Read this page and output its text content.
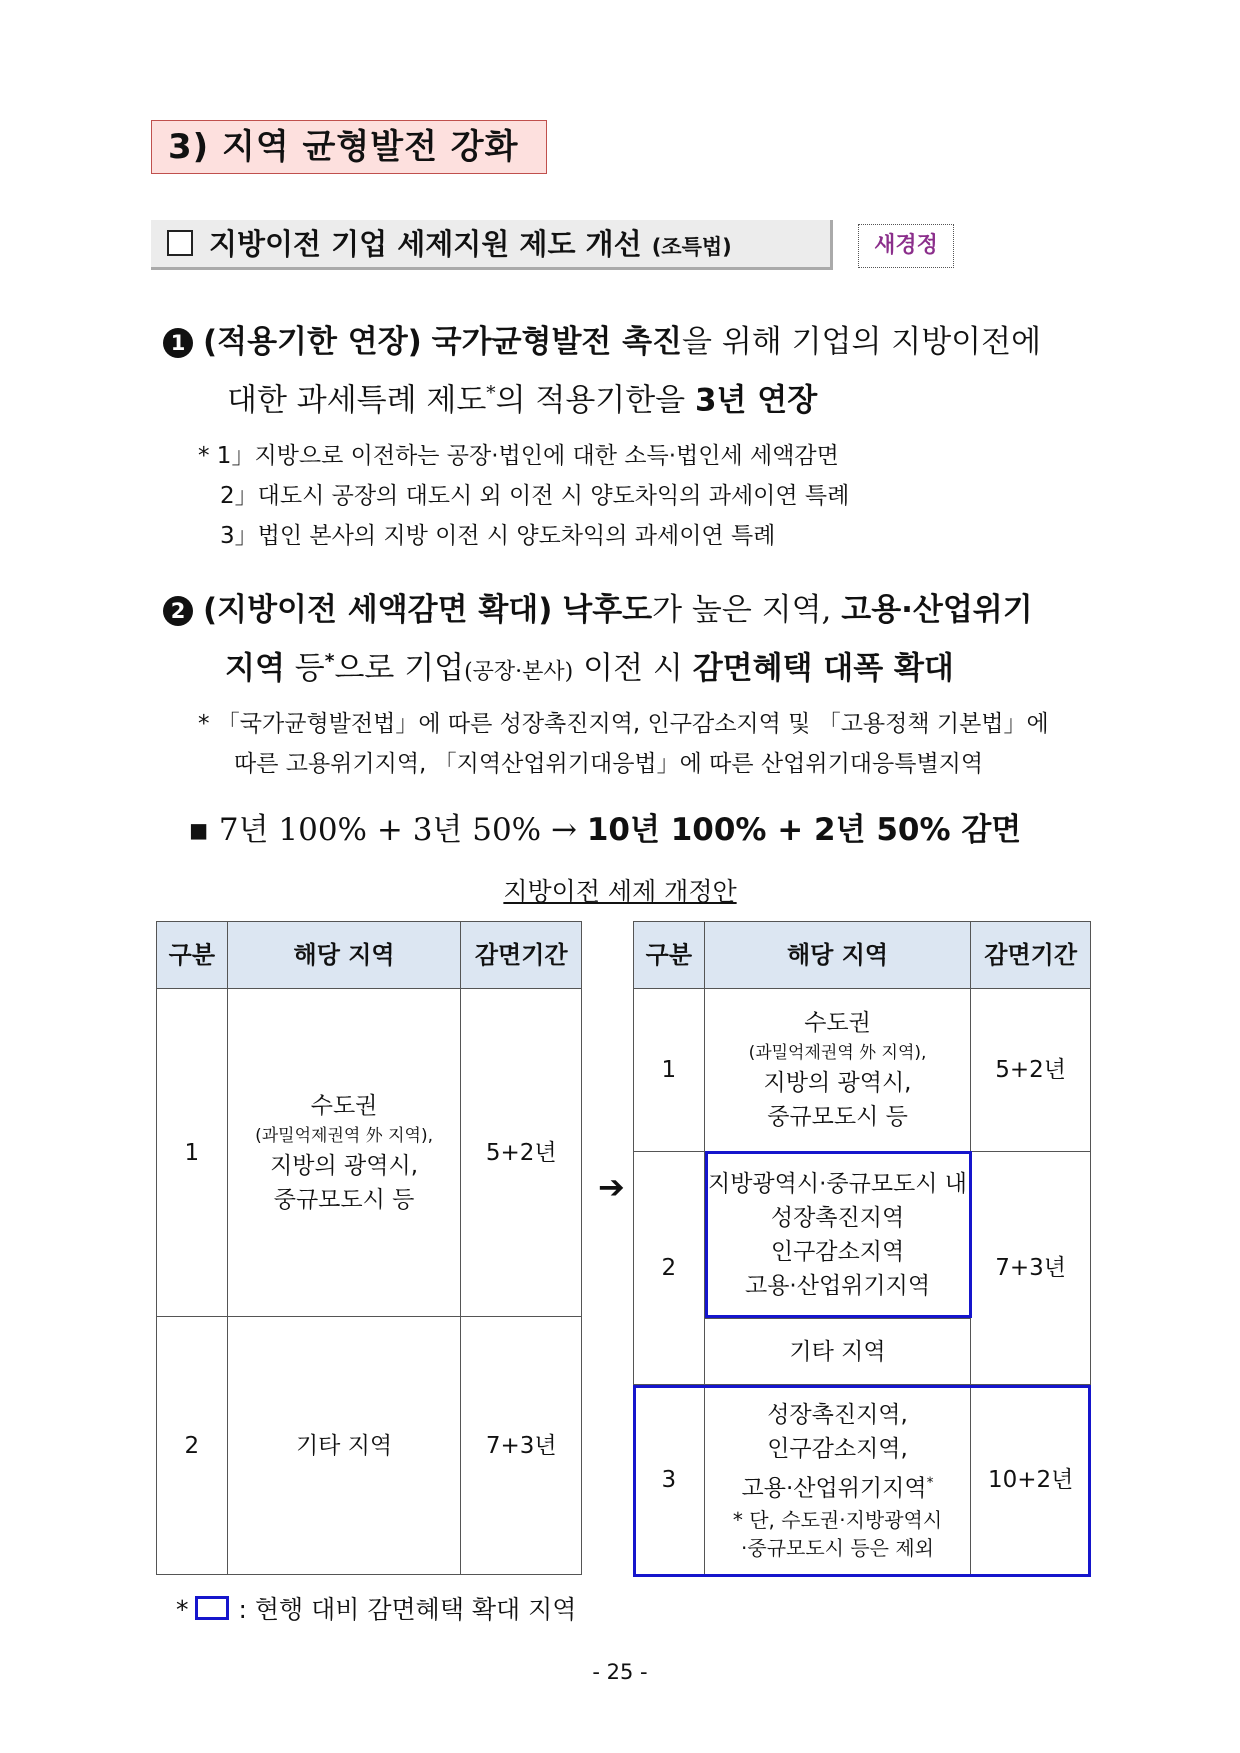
3) 지역 균형발전 강화
지방이전 기업 세제지원 제도 개선 (조특법)	새경정
1 (적용기한 연장) 국가균형발전 촉진을 위해 기업의 지방이전에
대한 과세특례 제도*의 적용기한을 3년 연장
* 1」지방으로 이전하는 공장·법인에 대한 소득·법인세 세액감면
2」대도시 공장의 대도시 외 이전 시 양도차익의 과세이연 특례
3」법인 본사의 지방 이전 시 양도차익의 과세이연 특례
2 (지방이전 세액감면 확대) 낙후도가 높은 지역, 고용·산업위기
지역 등*으로 기업(공장·본사) 이전 시 감면혜택 대폭 확대
* 「국가균형발전법」에 따른 성장촉진지역, 인구감소지역 및 「고용정책 기본법」에
따른 고용위기지역, 「지역산업위기대응법」에 따른 산업위기대응특별지역
▪ 7년 100% + 3년 50% → 10년 100% + 2년 50% 감면
지방이전 세제 개정안
구분	해당 지역	감면기간
1	수도권
(과밀억제권역 外 지역),
지방의 광역시,
중규모도시 등	5+2년
2	기타 지역	7+3년
➔
구분	해당 지역	감면기간
1	수도권
(과밀억제권역 外 지역),
지방의 광역시,
중규모도시 등	5+2년
2	지방광역시·중규모도시 내
성장촉진지역
인구감소지역
고용·산업위기지역	7+3년
	기타 지역	
3	성장촉진지역,
인구감소지역,
고용·산업위기지역*
* 단, 수도권·지방광역시
·중규모도시 등은 제외	10+2년
* : 현행 대비 감면혜택 확대 지역
- 25 -
